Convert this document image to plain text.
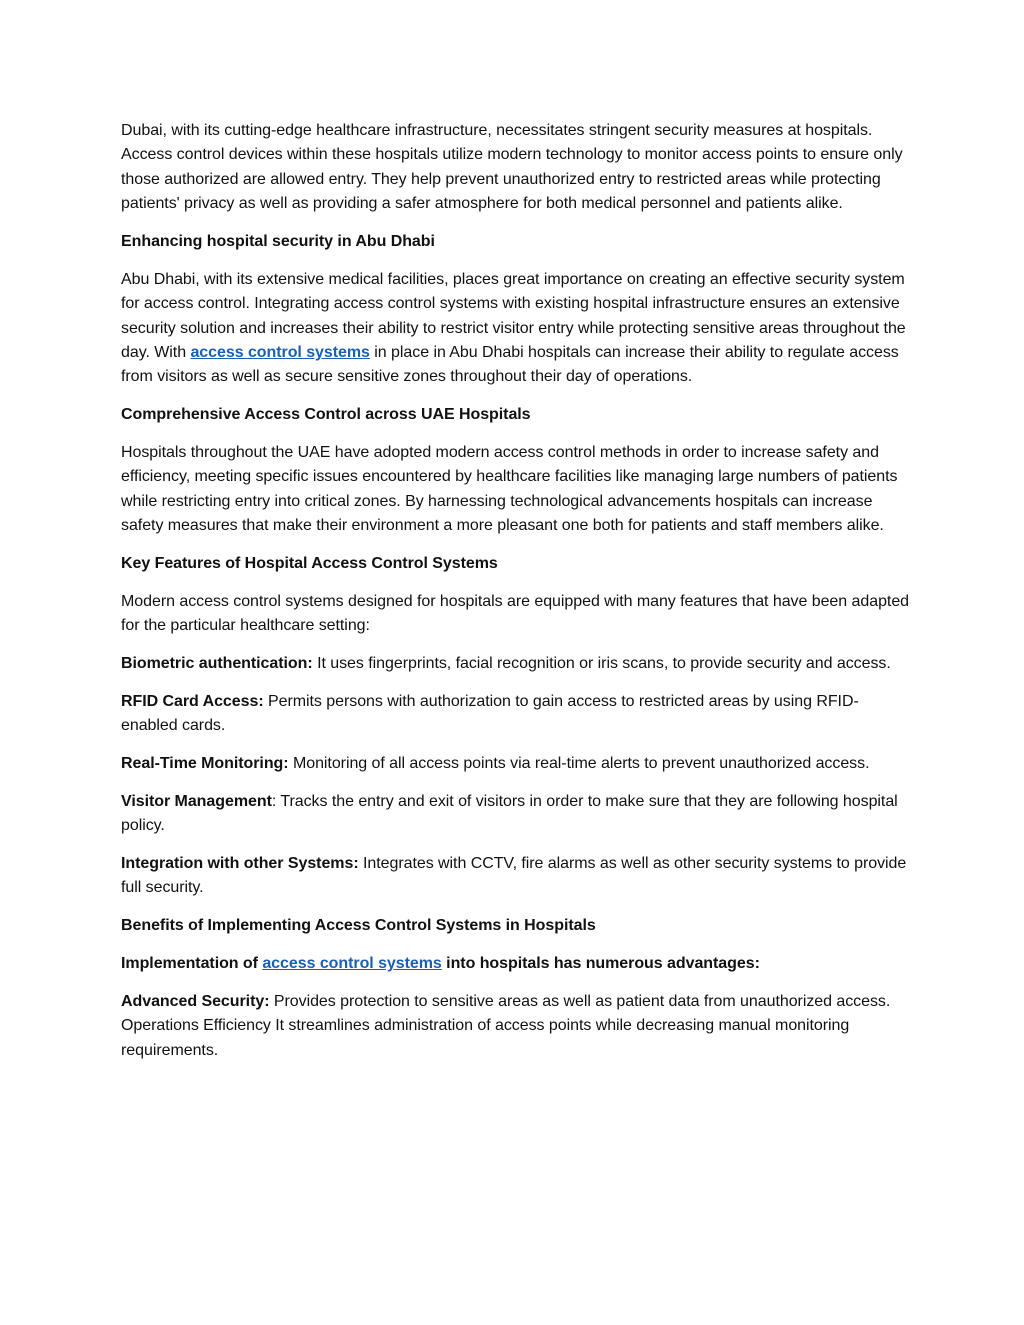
Dubai, with its cutting-edge healthcare infrastructure, necessitates stringent security measures at hospitals. Access control devices within these hospitals utilize modern technology to monitor access points to ensure only those authorized are allowed entry. They help prevent unauthorized entry to restricted areas while protecting patients' privacy as well as providing a safer atmosphere for both medical personnel and patients alike.

Enhancing hospital security in Abu Dhabi

Abu Dhabi, with its extensive medical facilities, places great importance on creating an effective security system for access control. Integrating access control systems with existing hospital infrastructure ensures an extensive security solution and increases their ability to restrict visitor entry while protecting sensitive areas throughout the day. With access control systems in place in Abu Dhabi hospitals can increase their ability to regulate access from visitors as well as secure sensitive zones throughout their day of operations.

Comprehensive Access Control across UAE Hospitals

Hospitals throughout the UAE have adopted modern access control methods in order to increase safety and efficiency, meeting specific issues encountered by healthcare facilities like managing large numbers of patients while restricting entry into critical zones. By harnessing technological advancements hospitals can increase safety measures that make their environment a more pleasant one both for patients and staff members alike.

Key Features of Hospital Access Control Systems

Modern access control systems designed for hospitals are equipped with many features that have been adapted for the particular healthcare setting:

Biometric authentication: It uses fingerprints, facial recognition or iris scans, to provide security and access.

RFID Card Access: Permits persons with authorization to gain access to restricted areas by using RFID-enabled cards.

Real-Time Monitoring: Monitoring of all access points via real-time alerts to prevent unauthorized access.

Visitor Management: Tracks the entry and exit of visitors in order to make sure that they are following hospital policy.

Integration with other Systems: Integrates with CCTV, fire alarms as well as other security systems to provide full security.

Benefits of Implementing Access Control Systems in Hospitals

Implementation of access control systems into hospitals has numerous advantages:

Advanced Security: Provides protection to sensitive areas as well as patient data from unauthorized access. Operations Efficiency It streamlines administration of access points while decreasing manual monitoring requirements.
